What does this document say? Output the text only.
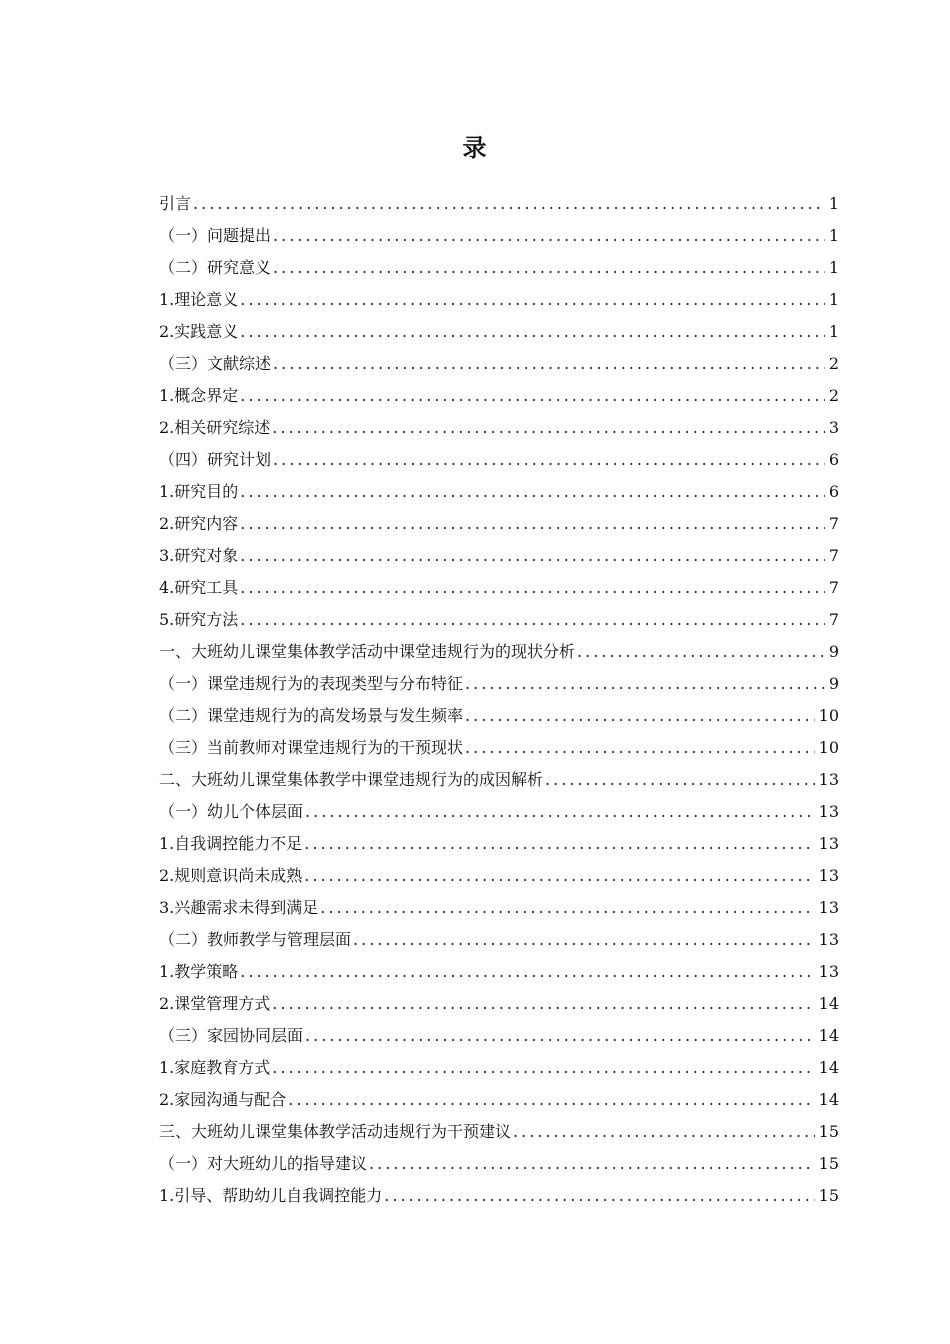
录
引言 .....	1
（一）问题提出 .....	1
（二）研究意义 .....	1
1.理论意义 .....	1
2.实践意义 .....	1
（三）文献综述 .....	2
1.概念界定 .....	2
2.相关研究综述 .....	3
（四）研究计划 .....	6
1.研究目的 .....	6
2.研究内容 .....	7
3.研究对象 .....	7
4.研究工具 .....	7
5.研究方法 .....	7
一、大班幼儿课堂集体教学活动中课堂违规行为的现状分析 .....	9
（一）课堂违规行为的表现类型与分布特征 .....	9
（二）课堂违规行为的高发场景与发生频率 .....	10
（三）当前教师对课堂违规行为的干预现状 .....	10
二、大班幼儿课堂集体教学中课堂违规行为的成因解析 .....	13
（一）幼儿个体层面 .....	13
1.自我调控能力不足 .....	13
2.规则意识尚未成熟 .....	13
3.兴趣需求未得到满足 .....	13
（二）教师教学与管理层面 .....	13
1.教学策略 .....	13
2.课堂管理方式 .....	14
（三）家园协同层面 .....	14
1.家庭教育方式 .....	14
2.家园沟通与配合 .....	14
三、大班幼儿课堂集体教学活动违规行为干预建议 .....	15
（一）对大班幼儿的指导建议 .....	15
1.引导、帮助幼儿自我调控能力 .....	15
